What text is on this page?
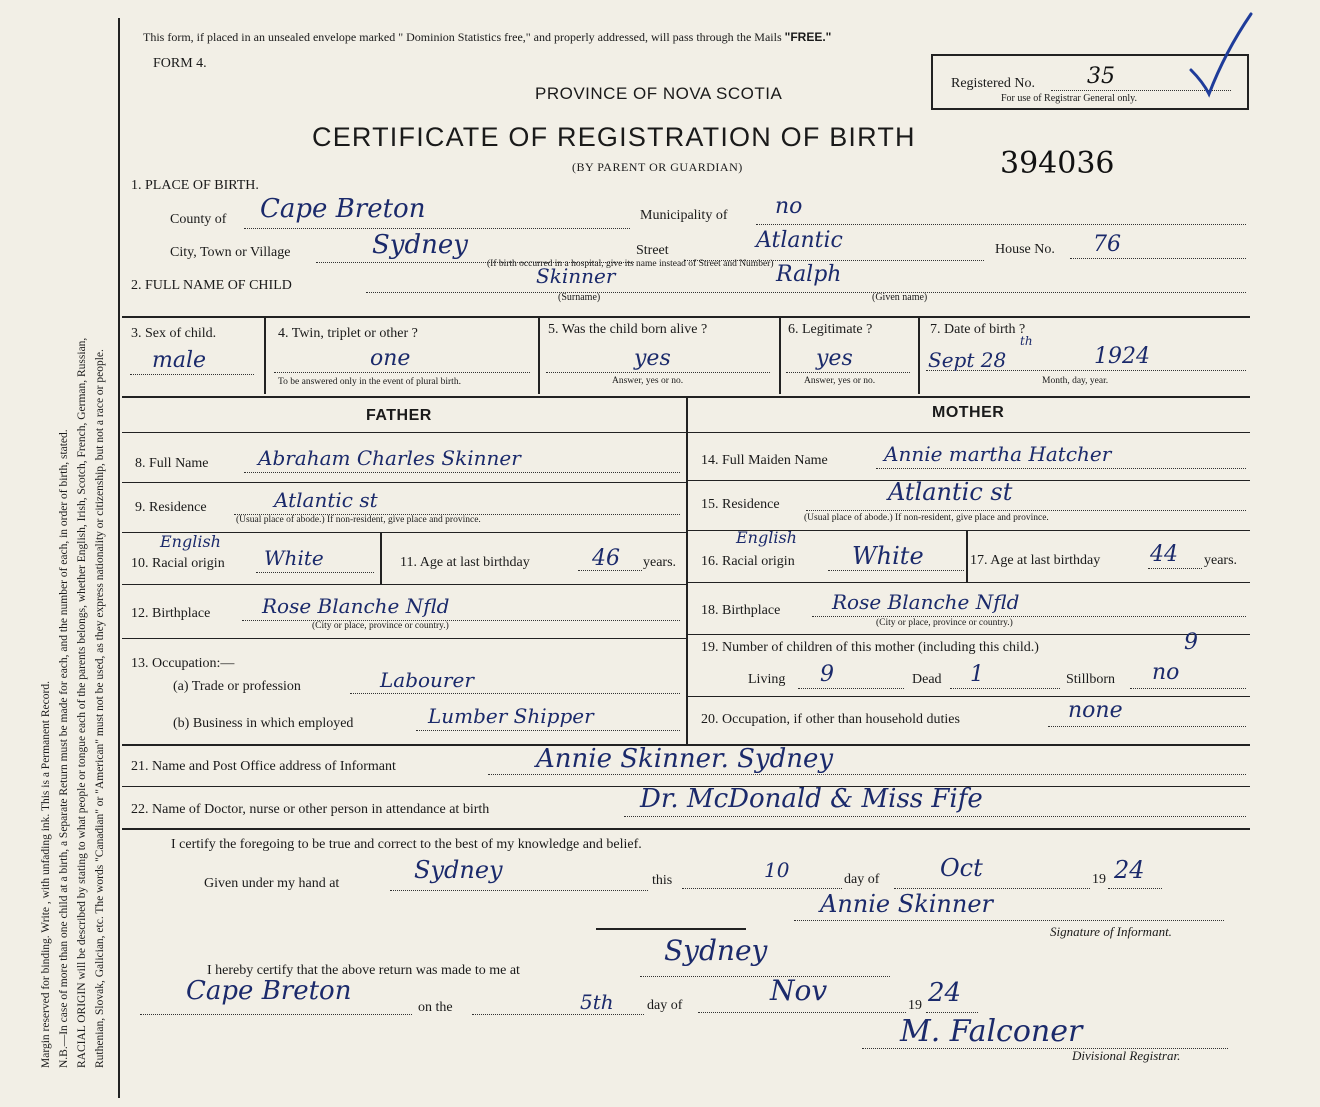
Margin reserved for binding. Write , with unfading ink. This is a Permanent Record. N.B.—In case of more than one child at a birth, a Separate Return must be made for each, and the number of each, in order of birth, stated. RACIAL ORIGIN will be described by stating to what people or tongue each of the parents belongs, whether English, Irish, Scotch, French, German, Russian, Ruthenian, Slovak, Galician, etc. The words "Canadian" or "American" must not be used, as they express nationality or citizenship, but not a race or people.
This form, if placed in an unsealed envelope marked " Dominion Statistics free," and properly addressed, will pass through the Mails "FREE."
FORM 4.
PROVINCE OF NOVA SCOTIA
CERTIFICATE OF REGISTRATION OF BIRTH
(BY PARENT OR GUARDIAN)	394036
Registered No. 35
For use of Registrar General only.
1. PLACE OF BIRTH.
County of Cape Breton	Municipality of no
City, Town or Village	Sydney	Street	Atlantic
(If birth occurred in a hospital, give its name instead of Street and Number)
House No. 76
2. FULL NAME OF CHILD	Skinner
(Surname)
Ralph
(Given name)
3. Sex of child.
male
4. Twin, triplet or other ?
one
To be answered only in the event of plural birth.
5. Was the child born alive ?
yes
Answer, yes or no.
6. Legitimate ?
yes
Answer, yes or no.
7. Date of birth ?
Sept 28
th
1924
Month, day, year.
FATHER	MOTHER
8. Full Name Abraham Charles Skinner
9. Residence	Atlantic st
(Usual place of abode.) If non-resident, give place and province.
English
10. Racial origin White	11. Age at last birthday	46 years.
12. Birthplace	Rose Blanche Nfld
(City or place, province or country.)
13. Occupation:—
(a) Trade or profession	Labourer
(b) Business in which employed	Lumber Shipper
14. Full Maiden Name	Annie martha Hatcher
15. Residence	Atlantic st
(Usual place of abode.) If non-resident, give place and province.
English
16. Racial origin White	17. Age at last birthday 44 years.
18. Birthplace	Rose Blanche Nfld
(City or place, province or country.)
19. Number of children of this mother (including this child.)	9
Living 9	Dead 1	Stillborn no
20. Occupation, if other than household duties	none
21. Name and Post Office address of Informant	Annie Skinner. Sydney
22. Name of Doctor, nurse or other person in attendance at birth	Dr. McDonald & Miss Fife
I certify the foregoing to be true and correct to the best of my knowledge and belief.
Given under my hand at	Sydney	this	10	day of	Oct	19 24
Annie Skinner
Signature of Informant.
I hereby certify that the above return was made to me at
Sydney
Cape Breton
on the	5th day of	Nov	19 24
M. Falconer
Divisional Registrar.
